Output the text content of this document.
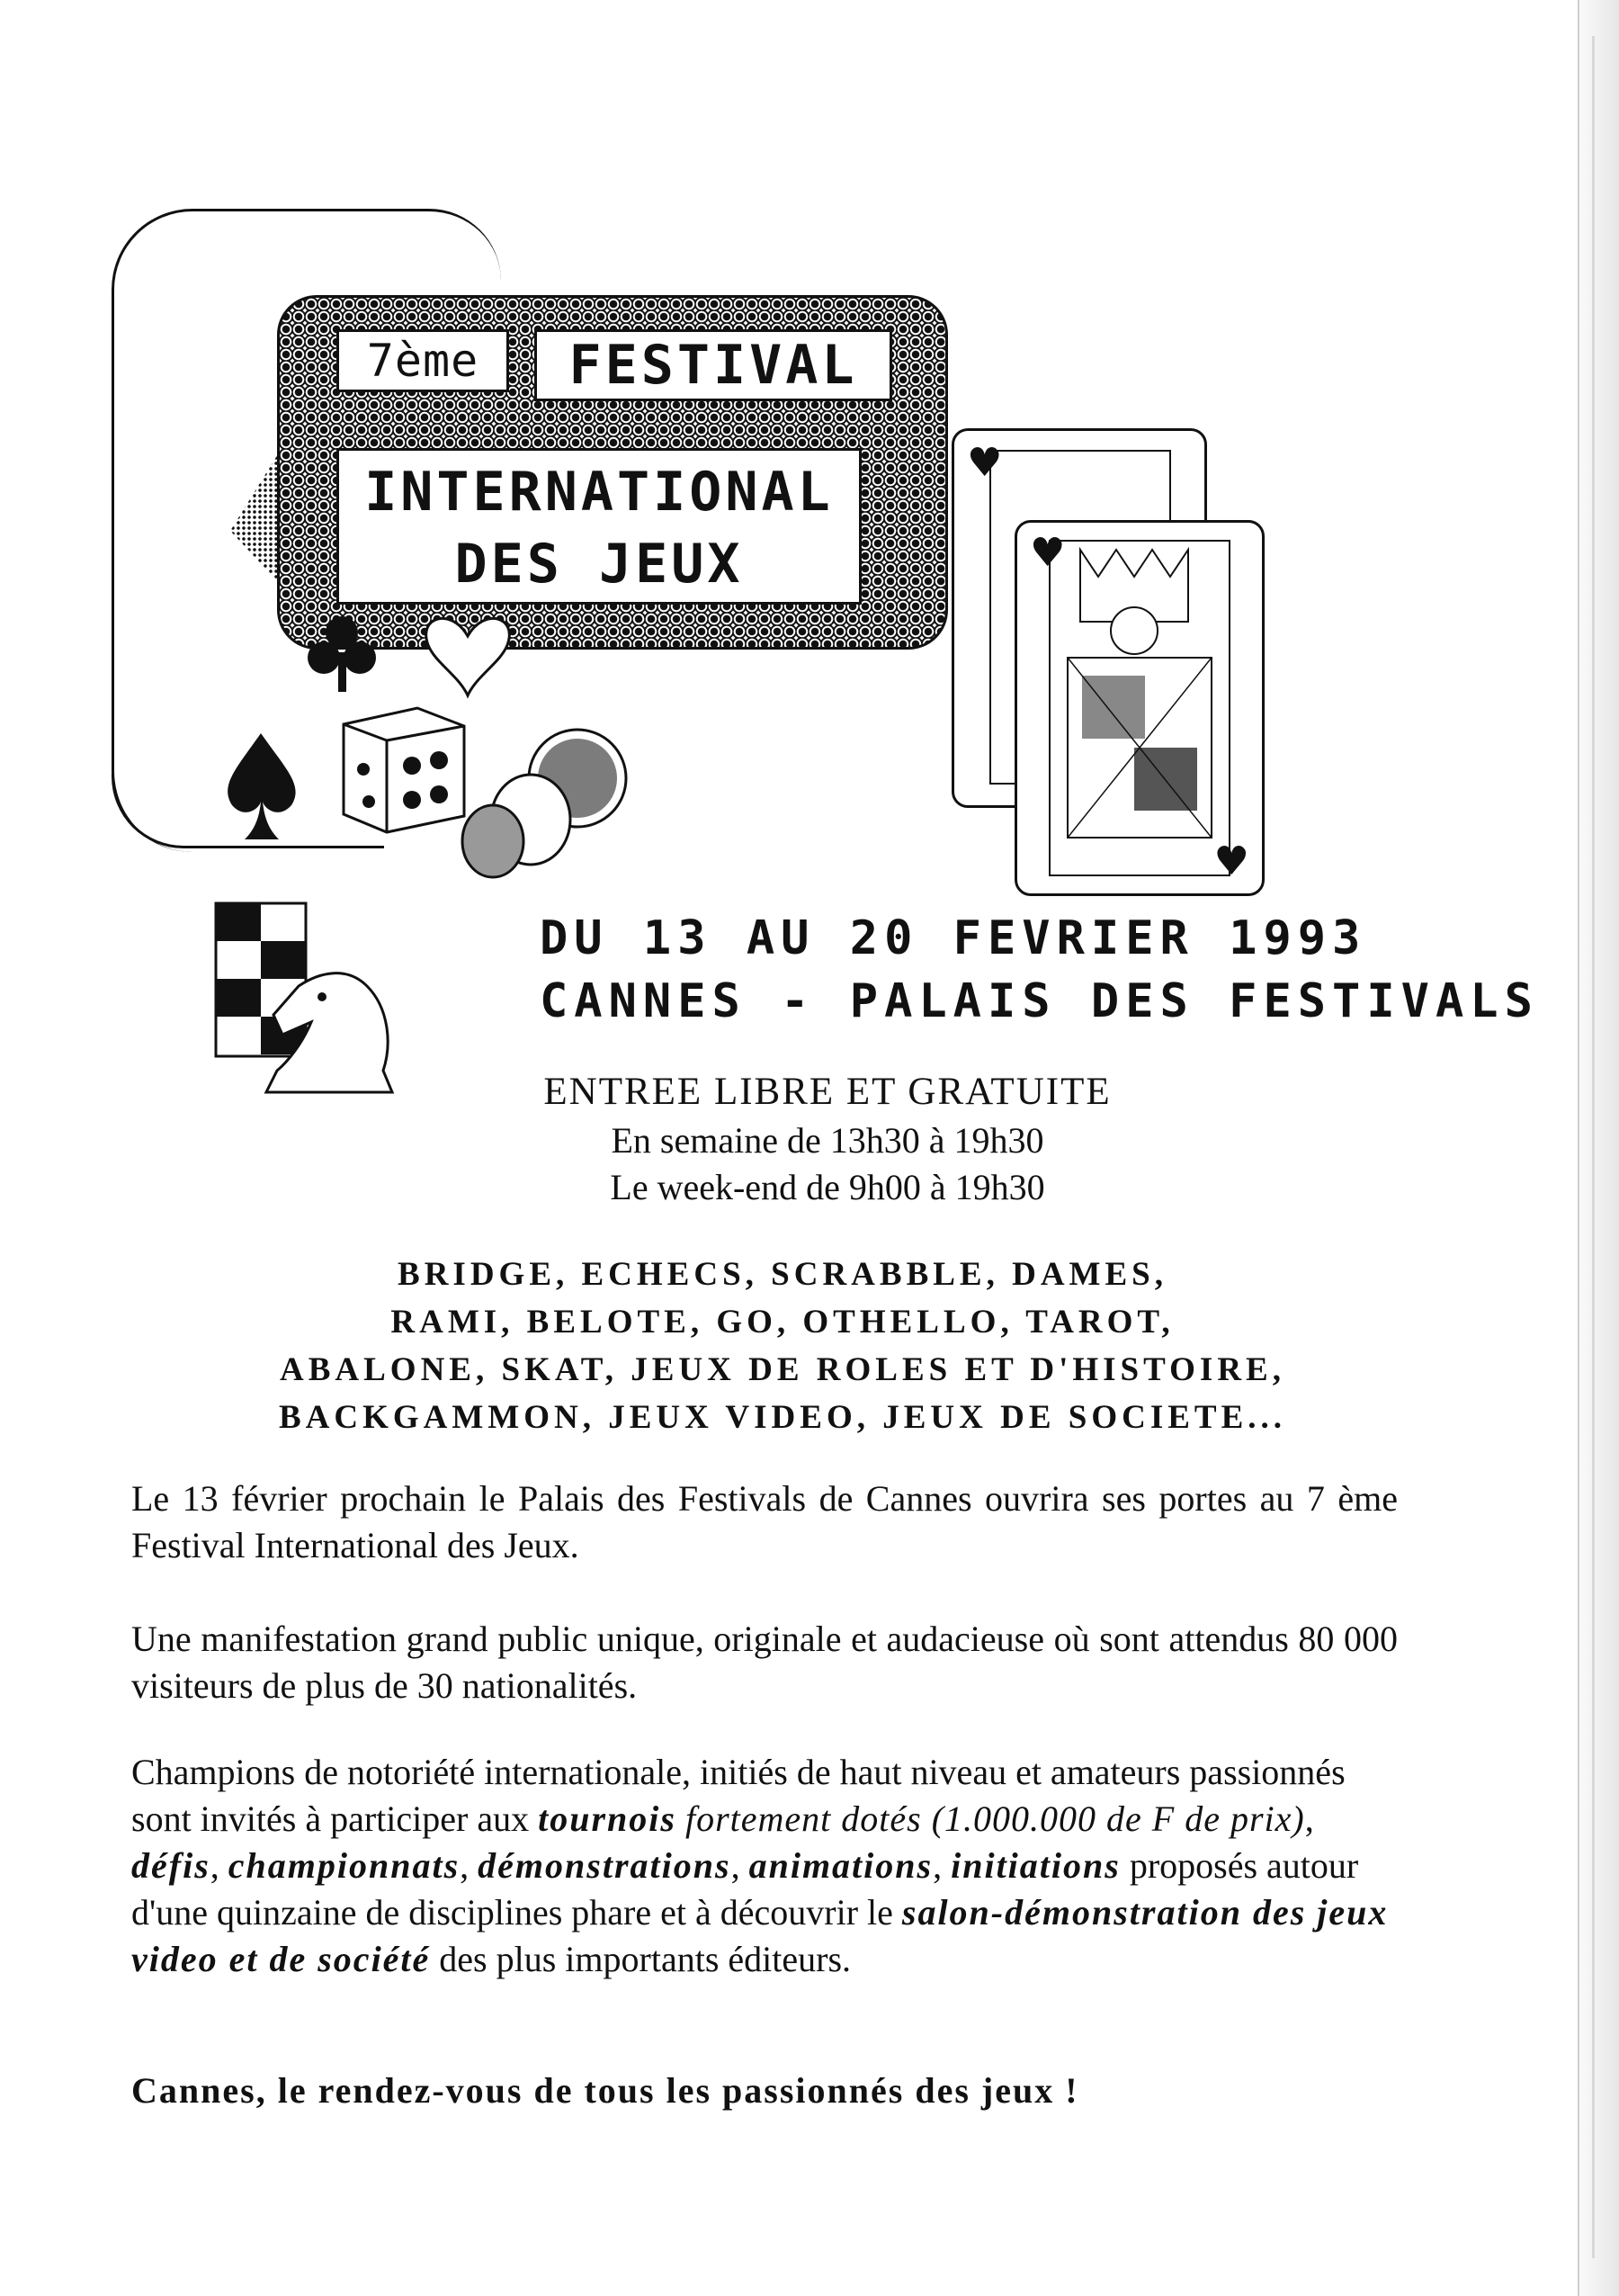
7ème	FESTIVAL
INTERNATIONAL
DES JEUX
♥
♥
♥
DU 13 AU 20 FEVRIER 1993
CANNES - PALAIS DES FESTIVALS
ENTREE LIBRE ET GRATUITE
En semaine de 13h30 à 19h30
Le week-end de 9h00 à 19h30
BRIDGE, ECHECS, SCRABBLE, DAMES,
RAMI, BELOTE, GO, OTHELLO, TAROT,
ABALONE, SKAT, JEUX DE ROLES ET D'HISTOIRE,
BACKGAMMON, JEUX VIDEO, JEUX DE SOCIETE...
Le 13 février prochain le Palais des Festivals de Cannes ouvrira ses portes au 7 ème Festival International des Jeux.
Une manifestation grand public unique, originale et audacieuse où sont attendus 80 000 visiteurs de plus de 30 nationalités.
Champions de notoriété internationale, initiés de haut niveau et amateurs passionnés sont invités à participer aux tournois fortement dotés (1.000.000 de F de prix), défis, championnats, démonstrations, animations, initiations proposés autour d'une quinzaine de disciplines phare et à découvrir le salon-démonstration des jeux video et de société des plus importants éditeurs.
Cannes, le rendez-vous de tous les passionnés des jeux !
